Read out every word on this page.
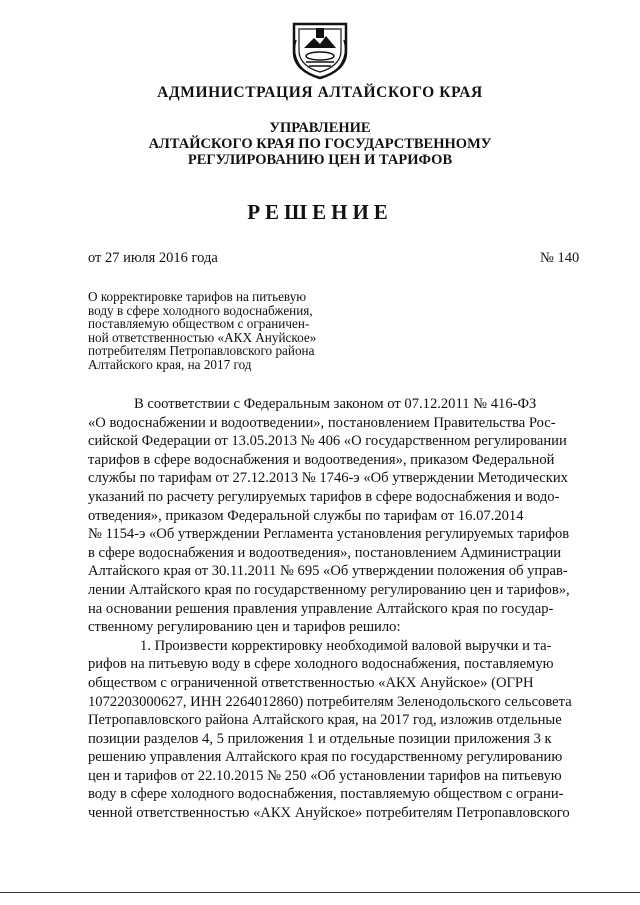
АДМИНИСТРАЦИЯ АЛТАЙСКОГО КРАЯ
УПРАВЛЕНИЕ
АЛТАЙСКОГО КРАЯ ПО ГОСУДАРСТВЕННОМУ
РЕГУЛИРОВАНИЮ ЦЕН И ТАРИФОВ
РЕШЕНИЕ
от 27 июля 2016 года	№ 140
О корректировке тарифов на питьевую
воду в сфере холодного водоснабжения,
поставляемую обществом с ограничен-
ной ответственностью «АКХ Ануйское»
потребителям Петропавловского района
Алтайского края, на 2017 год
В соответствии с Федеральным законом от 07.12.2011 № 416-ФЗ
«О водоснабжении и водоотведении», постановлением Правительства Рос-
сийской Федерации от 13.05.2013 № 406 «О государственном регулировании
тарифов в сфере водоснабжения и водоотведения», приказом Федеральной
службы по тарифам от 27.12.2013 № 1746-э «Об утверждении Методических
указаний по расчету регулируемых тарифов в сфере водоснабжения и водо-
отведения», приказом Федеральной службы по тарифам от 16.07.2014
№ 1154-э «Об утверждении Регламента установления регулируемых тарифов
в сфере водоснабжения и водоотведения», постановлением Администрации
Алтайского края от 30.11.2011 № 695 «Об утверждении положения об управ-
лении Алтайского края по государственному регулированию цен и тарифов»,
на основании решения правления управление Алтайского края по государ-
ственному регулированию цен и тарифов решило:
1. Произвести корректировку необходимой валовой выручки и та-
рифов на питьевую воду в сфере холодного водоснабжения, поставляемую
обществом с ограниченной ответственностью «АКХ Ануйское» (ОГРН
1072203000627, ИНН 2264012860) потребителям Зеленодольского сельсовета
Петропавловского района Алтайского края, на 2017 год, изложив отдельные
позиции разделов 4, 5 приложения 1 и отдельные позиции приложения 3 к
решению управления Алтайского края по государственному регулированию
цен и тарифов от 22.10.2015 № 250 «Об установлении тарифов на питьевую
воду в сфере холодного водоснабжения, поставляемую обществом с ограни-
ченной ответственностью «АКХ Ануйское» потребителям Петропавловского
